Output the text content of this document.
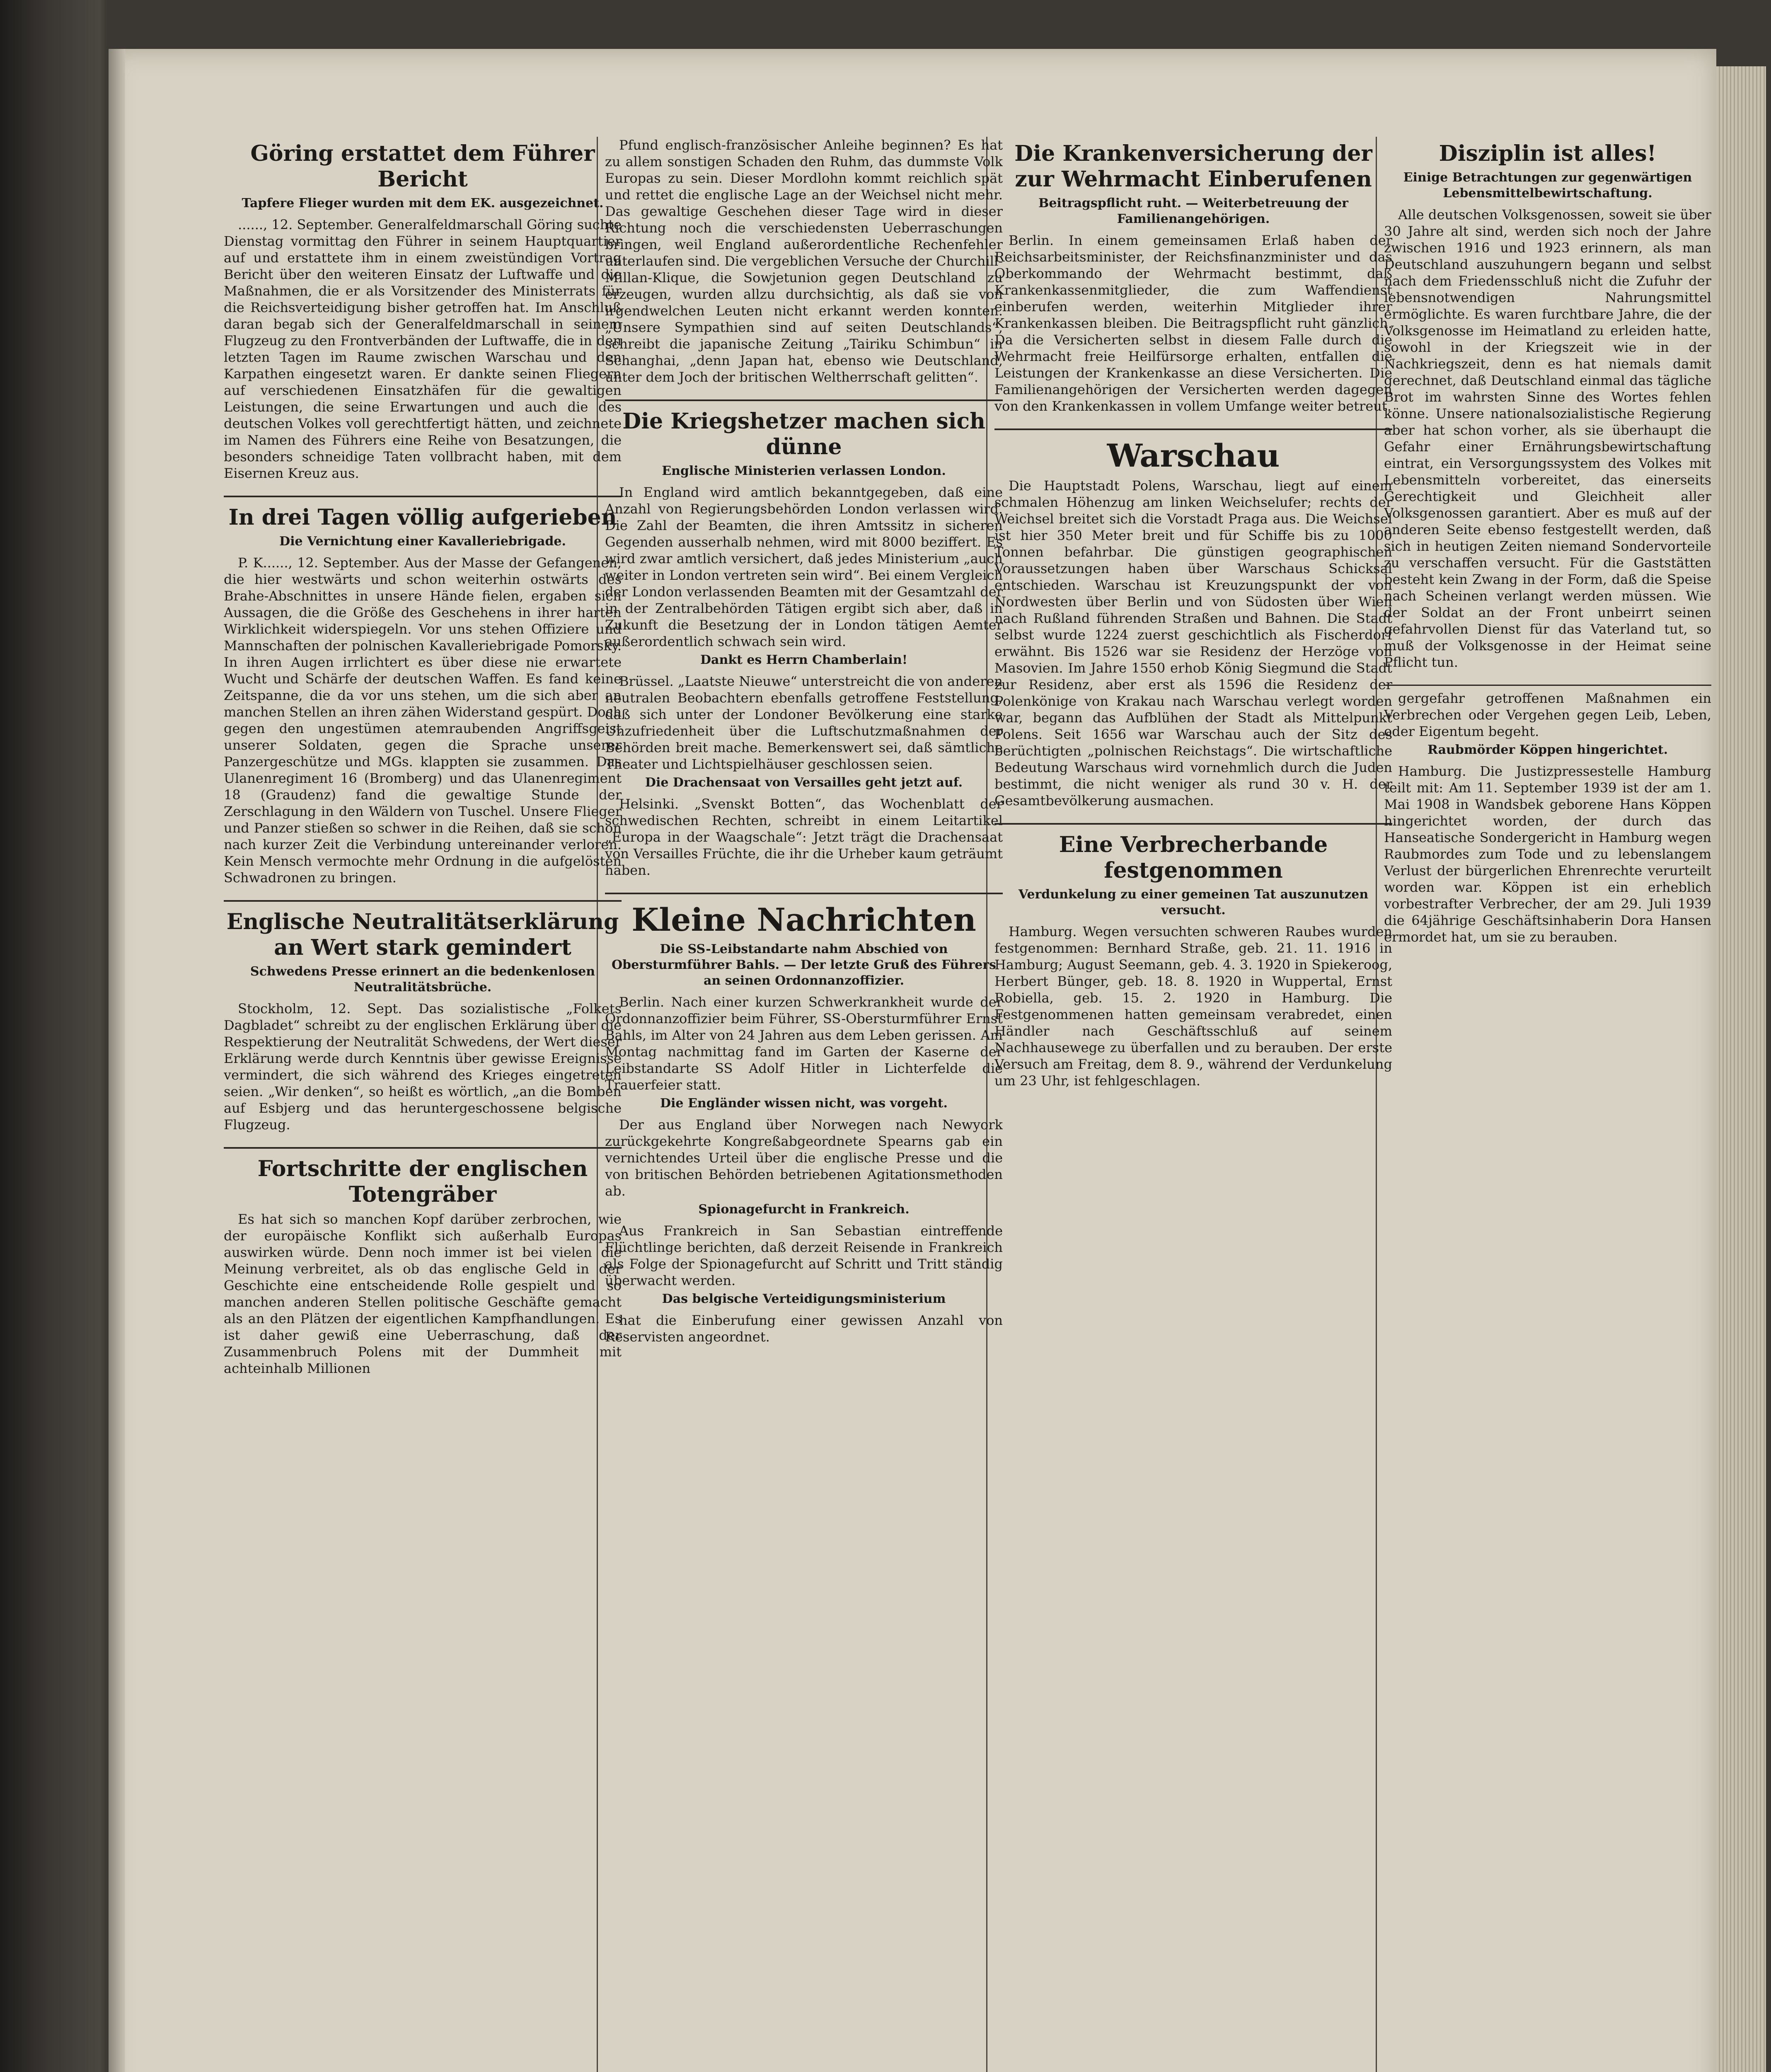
Göring erstattet dem Führer Bericht
Tapfere Flieger wurden mit dem EK. ausgezeichnet.

......, 12. September. Generalfeldmarschall Göring suchte Dienstag vormittag den Führer in seinem Hauptquartier auf und erstattete ihm in einem zweistündigen Vortrag Bericht über den weiteren Einsatz der Luftwaffe und die Maßnahmen, die er als Vorsitzender des Ministerrats für die Reichsverteidigung bisher getroffen hat. Im Anschluß daran begab sich der Generalfeldmarschall in seinem Flugzeug zu den Frontverbänden der Luftwaffe, die in den letzten Tagen im Raume zwischen Warschau und den Karpathen eingesetzt waren. Er dankte seinen Fliegern auf verschiedenen Einsatzhäfen für die gewaltigen Leistungen, die seine Erwartungen und auch die des deutschen Volkes voll gerechtfertigt hätten, und zeichnete im Namen des Führers eine Reihe von Besatzungen, die besonders schneidige Taten vollbracht haben, mit dem Eisernen Kreuz aus.

In drei Tagen völlig aufgerieben
Die Vernichtung einer Kavalleriebrigade.

P. K......, 12. September. Aus der Masse der Gefangenen, die hier westwärts und schon weiterhin ostwärts des Brahe-Abschnittes in unsere Hände fielen, ergaben sich Aussagen, die die Größe des Geschehens in ihrer harten Wirklichkeit widerspiegeln. Vor uns stehen Offiziere und Mannschaften der polnischen Kavalleriebrigade Pomorsky. In ihren Augen irrlichtert es über diese nie erwartete Wucht und Schärfe der deutschen Waffen. Es fand keine Zeitspanne, die da vor uns stehen, um die sich aber an manchen Stellen an ihren zähen Widerstand gespürt. Doch gegen den ungestümen atemraubenden Angriffsgeist unserer Soldaten, gegen die Sprache unserer Panzergeschütze und MGs. klappten sie zusammen. Das Ulanenregiment 16 (Bromberg) und das Ulanenregiment 18 (Graudenz) fand die gewaltige Stunde der Zerschlagung in den Wäldern von Tuschel. Unsere Flieger und Panzer stießen so schwer in die Reihen, daß sie schon nach kurzer Zeit die Verbindung untereinander verloren. Kein Mensch vermochte mehr Ordnung in die aufgelösten Schwadronen zu bringen.

Englische Neutralitätserklärung an Wert stark gemindert
Schwedens Presse erinnert an die bedenkenlosen Neutralitätsbrüche.

Stockholm, 12. Sept. Das sozialistische „Folkets Dagbladet“ schreibt zu der englischen Erklärung über die Respektierung der Neutralität Schwedens, der Wert dieser Erklärung werde durch Kenntnis über gewisse Ereignisse vermindert, die sich während des Krieges eingetreten seien. „Wir denken“, so heißt es wörtlich, „an die Bomben auf Esbjerg und das heruntergeschossene belgische Flugzeug.

Fortschritte der englischen Totengräber

Es hat sich so manchen Kopf darüber zerbrochen, wie der europäische Konflikt sich außerhalb Europas auswirken würde. Denn noch immer ist bei vielen die Meinung verbreitet, als ob das englische Geld in der Geschichte eine entscheidende Rolle gespielt und so manchen anderen Stellen politische Geschäfte gemacht als an den Plätzen der eigentlichen Kampfhandlungen. Es ist daher gewiß eine Ueberraschung, daß der Zusammenbruch Polens mit der Dummheit mit achteinhalb Millionen

Pfund englisch-französischer Anleihe beginnen? Es hat zu allem sonstigen Schaden den Ruhm, das dummste Volk Europas zu sein. Dieser Mordlohn kommt reichlich spät und rettet die englische Lage an der Weichsel nicht mehr. Das gewaltige Geschehen dieser Tage wird in dieser Richtung noch die verschiedensten Ueberraschungen bringen, weil England außerordentliche Rechenfehler unterlaufen sind. Die vergeblichen Versuche der Churchill-Millan-Klique, die Sowjetunion gegen Deutschland zu erzeugen, wurden allzu durchsichtig, als daß sie von irgendwelchen Leuten nicht erkannt werden konnten. „Unsere Sympathien sind auf seiten Deutschlands“, schreibt die japanische Zeitung „Tairiku Schimbun“ in Schanghai, „denn Japan hat, ebenso wie Deutschland, unter dem Joch der britischen Weltherrschaft gelitten“.

Die Kriegshetzer machen sich dünne
Englische Ministerien verlassen London.

In England wird amtlich bekanntgegeben, daß eine Anzahl von Regierungsbehörden London verlassen wird. Die Zahl der Beamten, die ihren Amtssitz in sicheren Gegenden ausserhalb nehmen, wird mit 8000 beziffert. Es wird zwar amtlich versichert, daß jedes Ministerium „auch weiter in London vertreten sein wird“. Bei einem Vergleich der London verlassenden Beamten mit der Gesamtzahl der in der Zentralbehörden Tätigen ergibt sich aber, daß in Zukunft die Besetzung der in London tätigen Aemter außerordentlich schwach sein wird.

Dankt es Herrn Chamberlain!

Brüssel. „Laatste Nieuwe“ unterstreicht die von anderen neutralen Beobachtern ebenfalls getroffene Feststellung, daß sich unter der Londoner Bevölkerung eine starke Unzufriedenheit über die Luftschutzmaßnahmen der Behörden breit mache. Bemerkenswert sei, daß sämtliche Theater und Lichtspielhäuser geschlossen seien.

Die Drachensaat von Versailles geht jetzt auf.

Helsinki. „Svenskt Botten“, das Wochenblatt der schwedischen Rechten, schreibt in einem Leitartikel „Europa in der Waagschale“: Jetzt trägt die Drachensaat von Versailles Früchte, die ihr die Urheber kaum geträumt haben.

Kleine Nachrichten
Die SS-Leibstandarte nahm Abschied von Obersturmführer Bahls. — Der letzte Gruß des Führers an seinen Ordonnanzoffizier.

Berlin. Nach einer kurzen Schwerkrankheit wurde der Ordonnanzoffizier beim Führer, SS-Obersturmführer Ernst Bahls, im Alter von 24 Jahren aus dem Leben gerissen. Am Montag nachmittag fand im Garten der Kaserne der Leibstandarte SS Adolf Hitler in Lichterfelde die Trauerfeier statt.

Die Engländer wissen nicht, was vorgeht.

Der aus England über Norwegen nach Newyork zurückgekehrte Kongreßabgeordnete Spearns gab ein vernichtendes Urteil über die englische Presse und die von britischen Behörden betriebenen Agitationsmethoden ab.

Spionagefurcht in Frankreich.

Aus Frankreich in San Sebastian eintreffende Flüchtlinge berichten, daß derzeit Reisende in Frankreich als Folge der Spionagefurcht auf Schritt und Tritt ständig überwacht werden.

Das belgische Verteidigungsministerium

hat die Einberufung einer gewissen Anzahl von Reservisten angeordnet.

Die Krankenversicherung der zur Wehrmacht Einberufenen
Beitragspflicht ruht. — Weiterbetreuung der Familienangehörigen.

Berlin. In einem gemeinsamen Erlaß haben der Reichsarbeitsminister, der Reichsfinanzminister und das Oberkommando der Wehrmacht bestimmt, daß Krankenkassenmitglieder, die zum Waffendienst einberufen werden, weiterhin Mitglieder ihrer Krankenkassen bleiben. Die Beitragspflicht ruht gänzlich. Da die Versicherten selbst in diesem Falle durch die Wehrmacht freie Heilfürsorge erhalten, entfallen die Leistungen der Krankenkasse an diese Versicherten. Die Familienangehörigen der Versicherten werden dagegen von den Krankenkassen in vollem Umfange weiter betreut.

Warschau

Die Hauptstadt Polens, Warschau, liegt auf einem schmalen Höhenzug am linken Weichselufer; rechts der Weichsel breitet sich die Vorstadt Praga aus. Die Weichsel ist hier 350 Meter breit und für Schiffe bis zu 1000 Tonnen befahrbar. Die günstigen geographischen Voraussetzungen haben über Warschaus Schicksal entschieden. Warschau ist Kreuzungspunkt der von Nordwesten über Berlin und von Südosten über Wien nach Rußland führenden Straßen und Bahnen. Die Stadt selbst wurde 1224 zuerst geschichtlich als Fischerdorf erwähnt. Bis 1526 war sie Residenz der Herzöge von Masovien. Im Jahre 1550 erhob König Siegmund die Stadt zur Residenz, aber erst als 1596 die Residenz der Polenkönige von Krakau nach Warschau verlegt worden war, begann das Aufblühen der Stadt als Mittelpunkt Polens. Seit 1656 war Warschau auch der Sitz des berüchtigten „polnischen Reichstags“. Die wirtschaftliche Bedeutung Warschaus wird vornehmlich durch die Juden bestimmt, die nicht weniger als rund 30 v. H. der Gesamtbevölkerung ausmachen.

Eine Verbrecherbande festgenommen
Verdunkelung zu einer gemeinen Tat auszunutzen versucht.

Hamburg. Wegen versuchten schweren Raubes wurden festgenommen: Bernhard Straße, geb. 21. 11. 1916 in Hamburg; August Seemann, geb. 4. 3. 1920 in Spiekeroog, Herbert Bünger, geb. 18. 8. 1920 in Wuppertal, Ernst Robiella, geb. 15. 2. 1920 in Hamburg. Die Festgenommenen hatten gemeinsam verabredet, einen Händler nach Geschäftsschluß auf seinem Nachhausewege zu überfallen und zu berauben. Der erste Versuch am Freitag, dem 8. 9., während der Verdunkelung um 23 Uhr, ist fehlgeschlagen.

Disziplin ist alles!
Einige Betrachtungen zur gegenwärtigen Lebensmittelbewirtschaftung.

Alle deutschen Volksgenossen, soweit sie über 30 Jahre alt sind, werden sich noch der Jahre zwischen 1916 und 1923 erinnern, als man Deutschland auszuhungern begann und selbst nach dem Friedensschluß nicht die Zufuhr der lebensnotwendigen Nahrungsmittel ermöglichte. Es waren furchtbare Jahre, die der Volksgenosse im Heimatland zu erleiden hatte, sowohl in der Kriegszeit wie in der Nachkriegszeit, denn es hat niemals damit gerechnet, daß Deutschland einmal das tägliche Brot im wahrsten Sinne des Wortes fehlen könne. Unsere nationalsozialistische Regierung aber hat schon vorher, als sie überhaupt die Gefahr einer Ernährungsbewirtschaftung eintrat, ein Versorgungssystem des Volkes mit Lebensmitteln vorbereitet, das einerseits Gerechtigkeit und Gleichheit aller Volksgenossen garantiert. Aber es muß auf der anderen Seite ebenso festgestellt werden, daß sich in heutigen Zeiten niemand Sondervorteile zu verschaffen versucht. Für die Gaststätten besteht kein Zwang in der Form, daß die Speise nach Scheinen verlangt werden müssen. Wie der Soldat an der Front unbeirrt seinen gefahrvollen Dienst für das Vaterland tut, so muß der Volksgenosse in der Heimat seine Pflicht tun.

gergefahr getroffenen Maßnahmen ein Verbrechen oder Vergehen gegen Leib, Leben, oder Eigentum begeht.

Raubmörder Köppen hingerichtet.

Hamburg. Die Justizpressestelle Hamburg teilt mit: Am 11. September 1939 ist der am 1. Mai 1908 in Wandsbek geborene Hans Köppen hingerichtet worden, der durch das Hanseatische Sondergericht in Hamburg wegen Raubmordes zum Tode und zu lebenslangem Verlust der bürgerlichen Ehrenrechte verurteilt worden war. Köppen ist ein erheblich vorbestrafter Verbrecher, der am 29. Juli 1939 die 64jährige Geschäftsinhaberin Dora Hansen ermordet hat, um sie zu berauben.
